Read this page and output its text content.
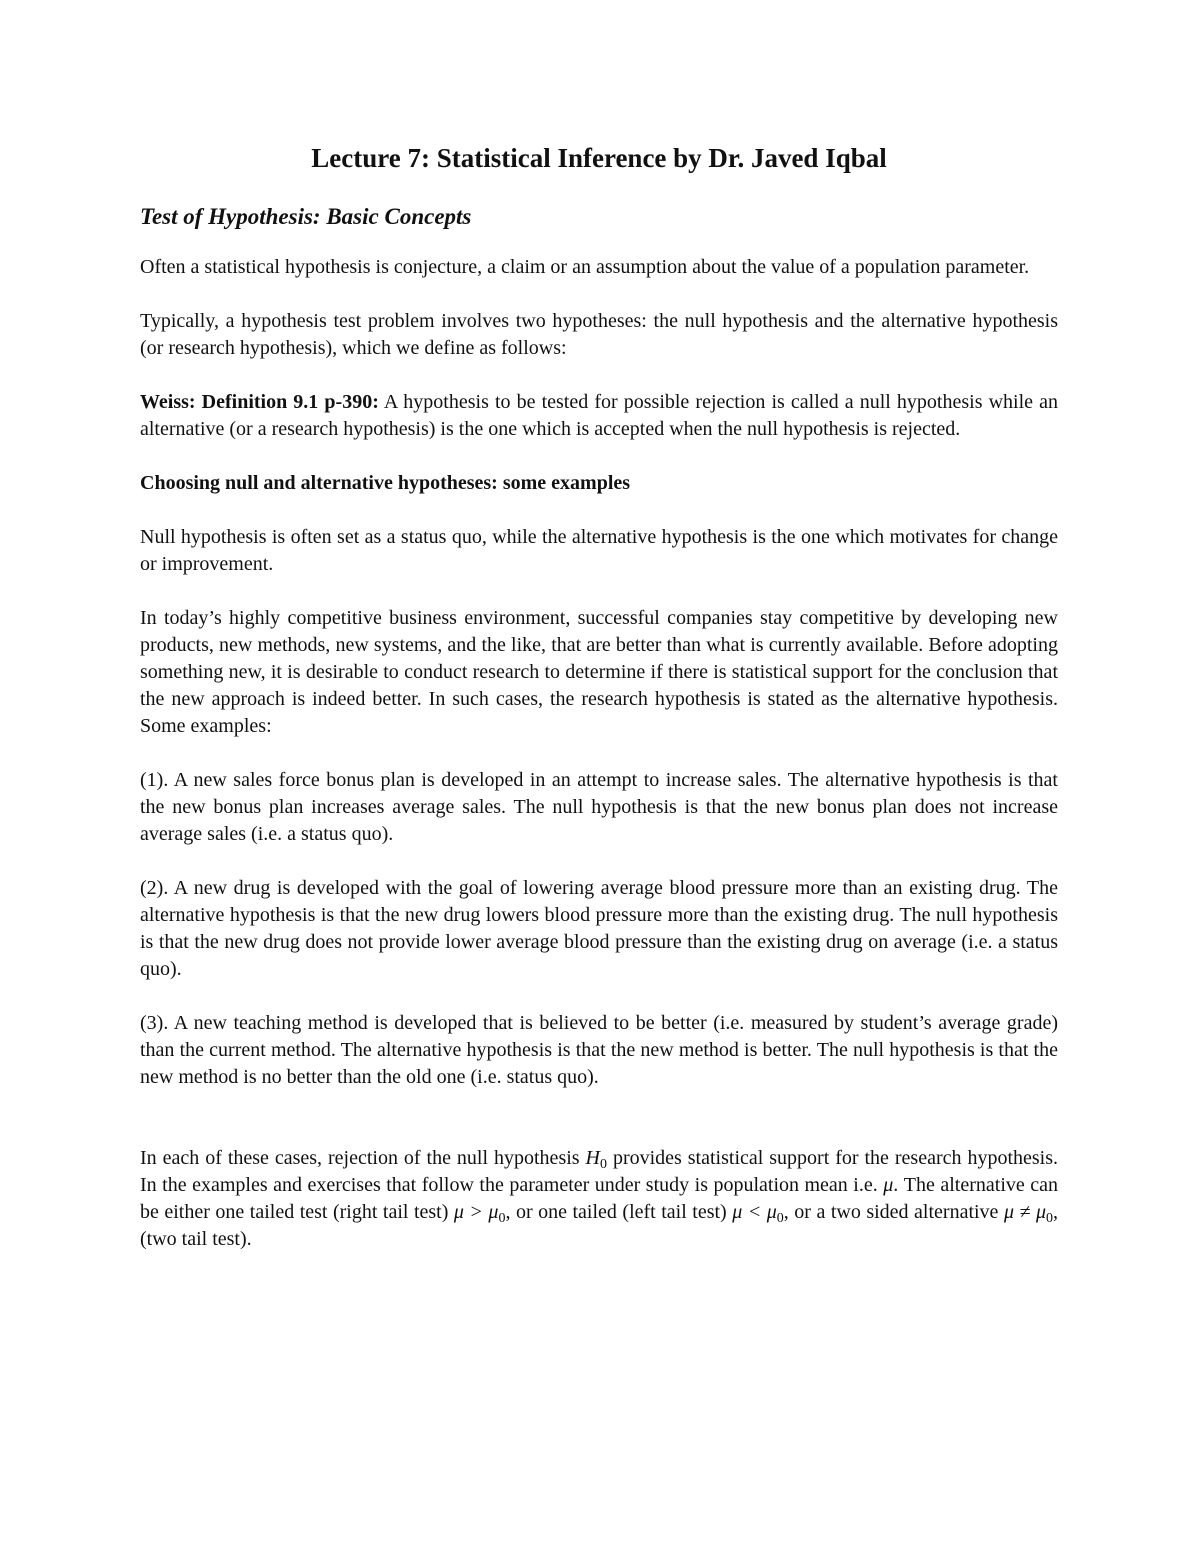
Lecture 7: Statistical Inference by Dr. Javed Iqbal
Test of Hypothesis: Basic Concepts

Often a statistical hypothesis is conjecture, a claim or an assumption about the value of a population parameter.

Typically, a hypothesis test problem involves two hypotheses: the null hypothesis and the alternative hypothesis (or research hypothesis), which we define as follows:

Weiss: Definition 9.1 p-390: A hypothesis to be tested for possible rejection is called a null hypothesis while an alternative (or a research hypothesis) is the one which is accepted when the null hypothesis is rejected.

Choosing null and alternative hypotheses: some examples

Null hypothesis is often set as a status quo, while the alternative hypothesis is the one which motivates for change or improvement.

In today’s highly competitive business environment, successful companies stay competitive by developing new products, new methods, new systems, and the like, that are better than what is currently available. Before adopting something new, it is desirable to conduct research to determine if there is statistical support for the conclusion that the new approach is indeed better. In such cases, the research hypothesis is stated as the alternative hypothesis. Some examples:

(1). A new sales force bonus plan is developed in an attempt to increase sales. The alternative hypothesis is that the new bonus plan increases average sales. The null hypothesis is that the new bonus plan does not increase average sales (i.e. a status quo).

(2). A new drug is developed with the goal of lowering average blood pressure more than an existing drug. The alternative hypothesis is that the new drug lowers blood pressure more than the existing drug. The null hypothesis is that the new drug does not provide lower average blood pressure than the existing drug on average (i.e. a status quo).

(3). A new teaching method is developed that is believed to be better (i.e. measured by student’s average grade) than the current method. The alternative hypothesis is that the new method is better. The null hypothesis is that the new method is no better than the old one (i.e. status quo).

In each of these cases, rejection of the null hypothesis $H_0$ provides statistical support for the research hypothesis. In the examples and exercises that follow the parameter under study is population mean i.e. μ. The alternative can be either one tailed test (right tail test) $\mu > \mu_0$, or one tailed (left tail test) $\mu < \mu_0$, or a two sided alternative $\mu \ne \mu_0$, (two tail test).
